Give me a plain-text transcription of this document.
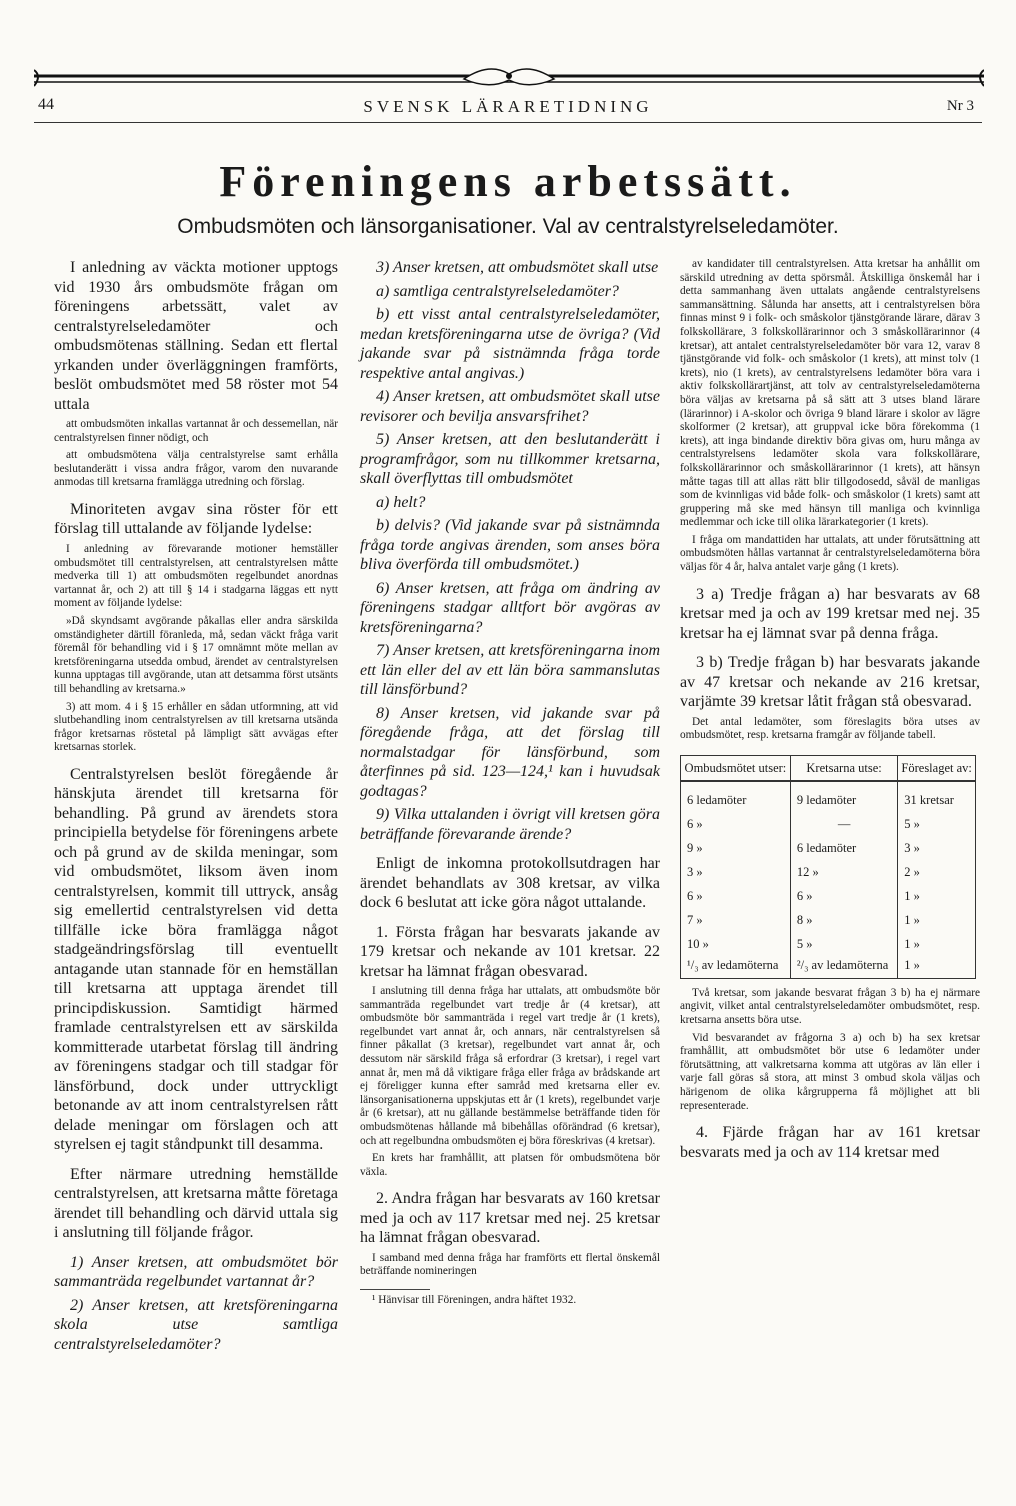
44	SVENSK LÄRARETIDNING	Nr 3
Föreningens arbetssätt.
Ombudsmöten och länsorganisationer. Val av centralstyrelseledamöter.

I anledning av väckta motioner upptogs vid 1930 års ombudsmöte frågan om föreningens arbetssätt, valet av centralstyrelseledamöter och ombudsmötenas ställning. Sedan ett flertal yrkanden under överläggningen framförts, beslöt ombudsmötet med 58 röster mot 54 uttala

att ombudsmöten inkallas vartannat år och dessemellan, när centralstyrelsen finner nödigt, och

att ombudsmötena välja centralstyrelse samt erhålla beslutanderätt i vissa andra frågor, varom den nuvarande anmodas till kretsarna framlägga utredning och förslag.

Minoriteten avgav sina röster för ett förslag till uttalande av följande lydelse:

I anledning av förevarande motioner hemställer ombudsmötet till centralstyrelsen, att centralstyrelsen måtte medverka till 1) att ombudsmöten regelbundet anordnas vartannat år, och 2) att till § 14 i stadgarna läggas ett nytt moment av följande lydelse:

»Då skyndsamt avgörande påkallas eller andra särskilda omständigheter därtill föranleda, må, sedan väckt fråga varit föremål för behandling vid i § 17 omnämnt möte mellan av kretsföreningarna utsedda ombud, ärendet av centralstyrelsen kunna upptagas till avgörande, utan att detsamma först utsänts till behandling av kretsarna.»

3) att mom. 4 i § 15 erhåller en sådan utformning, att vid slutbehandling inom centralstyrelsen av till kretsarna utsända frågor kretsarnas röstetal på lämpligt sätt avvägas efter kretsarnas storlek.

Centralstyrelsen beslöt föregående år hänskjuta ärendet till kretsarna för behandling. På grund av ärendets stora principiella betydelse för föreningens arbete och på grund av de skilda meningar, som vid ombudsmötet, liksom även inom centralstyrelsen, kommit till uttryck, ansåg sig emellertid centralstyrelsen vid detta tillfälle icke böra framlägga något stadgeändringsförslag till eventuellt antagande utan stannade för en hemställan till kretsarna att upptaga ärendet till principdiskussion. Samtidigt härmed framlade centralstyrelsen ett av särskilda kommitterade utarbetat förslag till ändring av föreningens stadgar och till stadgar för länsförbund, dock under uttryckligt betonande av att inom centralstyrelsen rått delade meningar om förslagen och att styrelsen ej tagit ståndpunkt till desamma.

Efter närmare utredning hemställde centralstyrelsen, att kretsarna måtte företaga ärendet till behandling och därvid uttala sig i anslutning till följande frågor.

1) Anser kretsen, att ombudsmötet bör sammanträda regelbundet vartannat år?

2) Anser kretsen, att kretsföreningarna skola utse samtliga centralstyrelseledamöter?

3) Anser kretsen, att ombudsmötet skall utse

a) samtliga centralstyrelseledamöter?

b) ett visst antal centralstyrelseledamöter, medan kretsföreningarna utse de övriga? (Vid jakande svar på sistnämnda fråga torde respektive antal angivas.)

4) Anser kretsen, att ombudsmötet skall utse revisorer och bevilja ansvarsfrihet?

5) Anser kretsen, att den beslutanderätt i programfrågor, som nu tillkommer kretsarna, skall överflyttas till ombudsmötet

a) helt?

b) delvis? (Vid jakande svar på sistnämnda fråga torde angivas ärenden, som anses böra bliva överförda till ombudsmötet.)

6) Anser kretsen, att fråga om ändring av föreningens stadgar alltfort bör avgöras av kretsföreningarna?

7) Anser kretsen, att kretsföreningarna inom ett län eller del av ett län böra sammanslutas till länsförbund?

8) Anser kretsen, vid jakande svar på föregående fråga, att det förslag till normalstadgar för länsförbund, som återfinnes på sid. 123—124,¹ kan i huvudsak godtagas?

9) Vilka uttalanden i övrigt vill kretsen göra beträffande förevarande ärende?

Enligt de inkomna protokollsutdragen har ärendet behandlats av 308 kretsar, av vilka dock 6 beslutat att icke göra något uttalande.

1. Första frågan har besvarats jakande av 179 kretsar och nekande av 101 kretsar. 22 kretsar ha lämnat frågan obesvarad.

I anslutning till denna fråga har uttalats, att ombudsmöte bör sammanträda regelbundet vart tredje år (4 kretsar), att ombudsmöte bör sammanträda i regel vart tredje år (1 krets), regelbundet vart annat år, och annars, när centralstyrelsen så finner påkallat (3 kretsar), regelbundet vart annat år, och dessutom när särskild fråga så erfordrar (3 kretsar), i regel vart annat år, men må då viktigare fråga eller fråga av brådskande art ej föreligger kunna efter samråd med kretsarna eller ev. länsorganisationerna uppskjutas ett år (1 krets), regelbundet varje år (6 kretsar), att nu gällande bestämmelse beträffande tiden för ombudsmötenas hållande må bibehållas oförändrad (6 kretsar), och att regelbundna ombudsmöten ej böra föreskrivas (4 kretsar).

En krets har framhållit, att platsen för ombudsmötena bör växla.

2. Andra frågan har besvarats av 160 kretsar med ja och av 117 kretsar med nej. 25 kretsar ha lämnat frågan obesvarad.

I samband med denna fråga har framförts ett flertal önskemål beträffande nomineringen

¹ Hänvisar till Föreningen, andra häftet 1932.

av kandidater till centralstyrelsen. Atta kretsar ha anhållit om särskild utredning av detta spörsmål. Åtskilliga önskemål har i detta sammanhang även uttalats angående centralstyrelsens sammansättning. Sålunda har ansetts, att i centralstyrelsen böra finnas minst 9 i folk- och småskolor tjänstgörande lärare, därav 3 folkskollärare, 3 folkskollärarinnor och 3 småskollärarinnor (4 kretsar), att antalet centralstyrelseledamöter bör vara 12, varav 8 tjänstgörande vid folk- och småskolor (1 krets), att minst tolv (1 krets), nio (1 krets), av centralstyrelsens ledamöter böra vara i aktiv folkskollärartjänst, att tolv av centralstyrelseledamöterna böra väljas av kretsarna på så sätt att 3 utses bland lärare (lärarinnor) i A-skolor och övriga 9 bland lärare i skolor av lägre skolformer (2 kretsar), att gruppval icke böra förekomma (1 krets), att inga bindande direktiv böra givas om, huru många av centralstyrelsens ledamöter skola vara folkskollärare, folkskollärarinnor och småskollärarinnor (1 krets), att hänsyn måtte tagas till att allas rätt blir tillgodosedd, såväl de manligas som de kvinnligas vid både folk- och småskolor (1 krets) samt att gruppering må ske med hänsyn till manliga och kvinnliga medlemmar och icke till olika lärarkategorier (1 krets).

I fråga om mandattiden har uttalats, att under förutsättning att ombudsmöten hållas vartannat år centralstyrelseledamöterna böra väljas för 4 år, halva antalet varje gång (1 krets).

3 a) Tredje frågan a) har besvarats av 68 kretsar med ja och av 199 kretsar med nej. 35 kretsar ha ej lämnat svar på denna fråga.

3 b) Tredje frågan b) har besvarats jakande av 47 kretsar och nekande av 216 kretsar, varjämte 39 kretsar låtit frågan stå obesvarad.

Det antal ledamöter, som föreslagits böra utses av ombudsmötet, resp. kretsarna framgår av följande tabell.

Ombudsmötet utser:	Kretsarna utse:	Föreslaget av:
6 ledamöter	9 ledamöter	31 kretsar
6 »	—	5 »
9 »	6 ledamöter	3 »
3 »	12 »	2 »
6 »	6 »	1 »
7 »	8 »	1 »
10 »	5 »	1 »
¹/₃ av ledamöterna	²/₃ av ledamöterna	1 »

Två kretsar, som jakande besvarat frågan 3 b) ha ej närmare angivit, vilket antal centralstyrelseledamöter ombudsmötet, resp. kretsarna ansetts böra utse.

Vid besvarandet av frågorna 3 a) och b) ha sex kretsar framhållit, att ombudsmötet bör utse 6 ledamöter under förutsättning, att valkretsarna komma att utgöras av län eller i varje fall göras så stora, att minst 3 ombud skola väljas och härigenom de olika kårgrupperna få möjlighet att bli representerade.

4. Fjärde frågan har av 161 kretsar besvarats med ja och av 114 kretsar med
